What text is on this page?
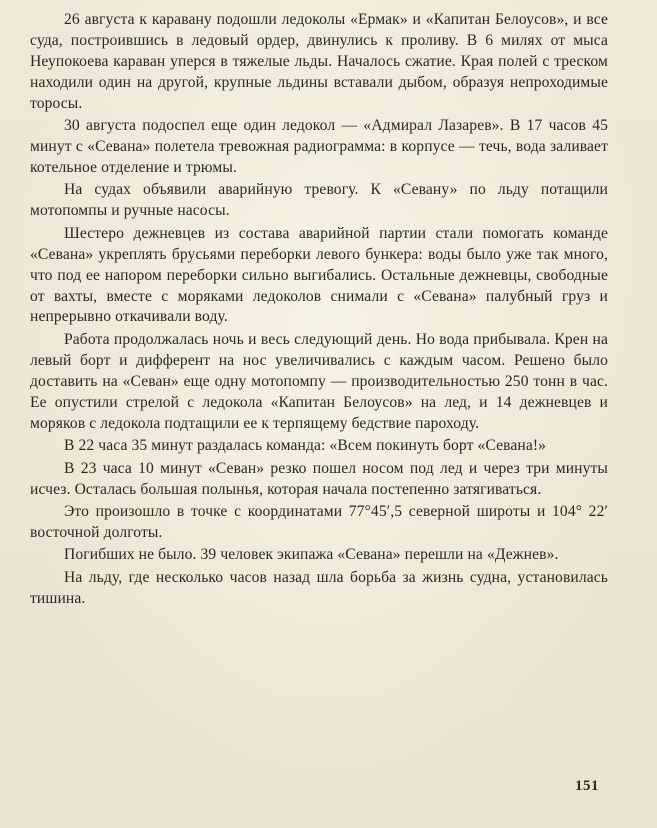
26 августа к каравану подошли ледоколы «Ермак» и «Капитан Белоусов», и все суда, построившись в ледовый ордер, двинулись к проливу. В 6 милях от мыса Неупокоева караван уперся в тяжелые льды. Началось сжатие. Края полей с треском находили один на другой, крупные льдины вставали дыбом, образуя непроходимые торосы.

30 августа подоспел еще один ледокол — «Адмирал Лазарев». В 17 часов 45 минут с «Севана» полетела тревожная радиограмма: в корпусе — течь, вода заливает котельное отделение и трюмы.

На судах объявили аварийную тревогу. К «Севану» по льду потащили мотопомпы и ручные насосы.

Шестеро дежневцев из состава аварийной партии стали помогать команде «Севана» укреплять брусьями переборки левого бункера: воды было уже так много, что под ее напором переборки сильно выгибались. Остальные дежневцы, свободные от вахты, вместе с моряками ледоколов снимали с «Севана» палубный груз и непрерывно откачивали воду.

Работа продолжалась ночь и весь следующий день. Но вода прибывала. Крен на левый борт и дифферент на нос увеличивались с каждым часом. Решено было доставить на «Севан» еще одну мотопомпу — производительностью 250 тонн в час. Ее опустили стрелой с ледокола «Капитан Белоусов» на лед, и 14 дежневцев и моряков с ледокола подтащили ее к терпящему бедствие пароходу.

В 22 часа 35 минут раздалась команда: «Всем покинуть борт «Севана!»

В 23 часа 10 минут «Севан» резко пошел носом под лед и через три минуты исчез. Осталась большая полынья, которая начала постепенно затягиваться.

Это произошло в точке с координатами 77°45′,5 северной широты и 104° 22′ восточной долготы.

Погибших не было. 39 человек экипажа «Севана» перешли на «Дежнев».

На льду, где несколько часов назад шла борьба за жизнь судна, установилась тишина.

151
